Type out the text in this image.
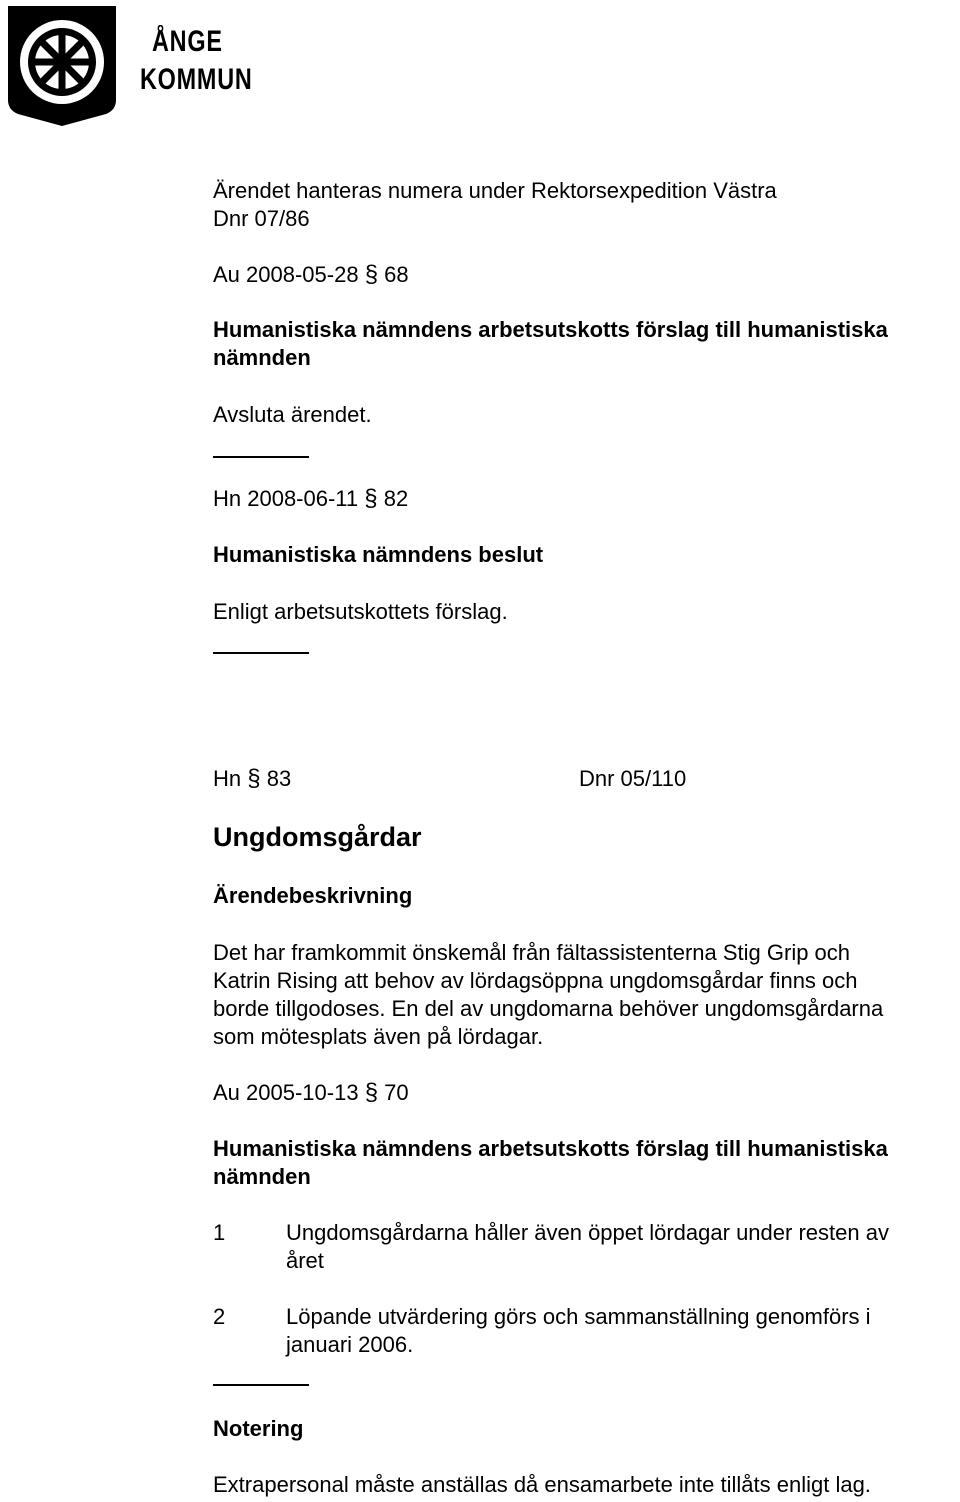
ÅNGE
KOMMUN
Ärendet hanteras numera under Rektorsexpedition Västra
Dnr 07/86
Au 2008-05-28 § 68
Humanistiska nämndens arbetsutskotts förslag till humanistiska
nämnden
Avsluta ärendet.
Hn 2008-06-11 § 82
Humanistiska nämndens beslut
Enligt arbetsutskottets förslag.
Hn § 83	Dnr 05/110
Ungdomsgårdar
Ärendebeskrivning
Det har framkommit önskemål från fältassistenterna Stig Grip och
Katrin Rising att behov av lördagsöppna ungdomsgårdar finns och
borde tillgodoses. En del av ungdomarna behöver ungdomsgårdarna
som mötesplats även på lördagar.
Au 2005-10-13 § 70
Humanistiska nämndens arbetsutskotts förslag till humanistiska
nämnden
1	Ungdomsgårdarna håller även öppet lördagar under resten av
året
2	Löpande utvärdering görs och sammanställning genomförs i
januari 2006.
Notering
Extrapersonal måste anställas då ensamarbete inte tillåts enligt lag.
